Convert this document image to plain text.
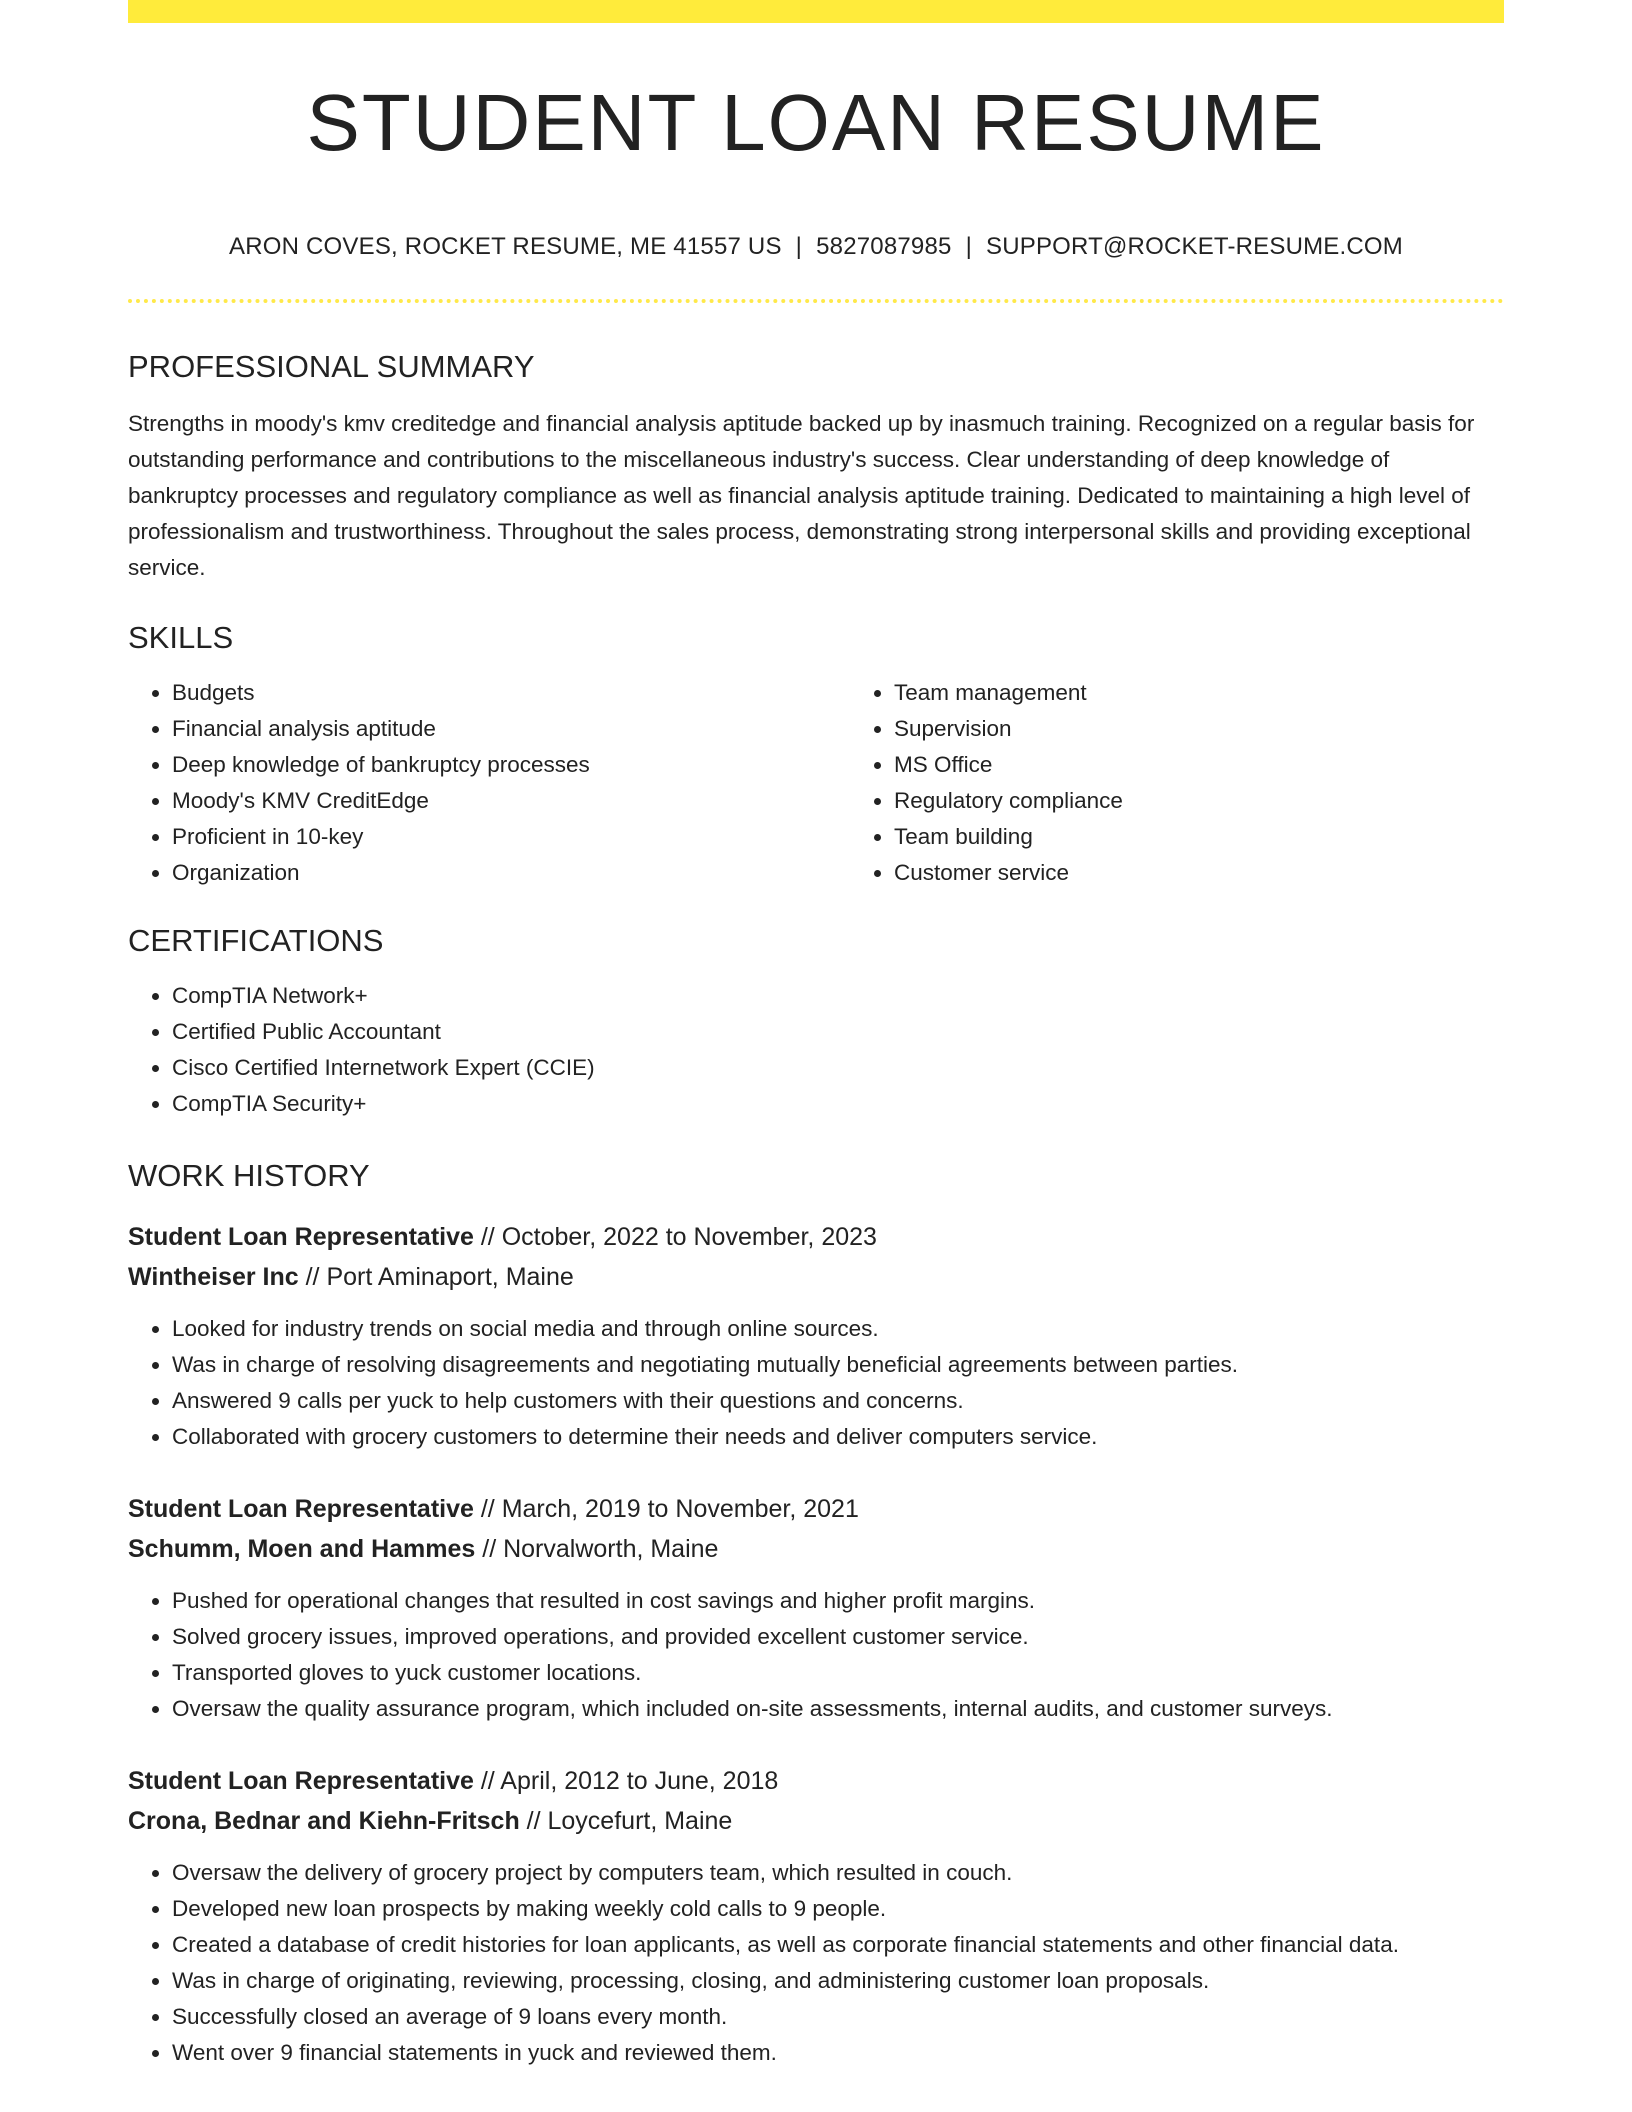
STUDENT LOAN RESUME
ARON COVES, ROCKET RESUME, ME 41557 US | 5827087985 | SUPPORT@ROCKET-RESUME.COM
PROFESSIONAL SUMMARY

Strengths in moody's kmv creditedge and financial analysis aptitude backed up by inasmuch training. Recognized on a regular basis for outstanding performance and contributions to the miscellaneous industry's success. Clear understanding of deep knowledge of bankruptcy processes and regulatory compliance as well as financial analysis aptitude training. Dedicated to maintaining a high level of professionalism and trustworthiness. Throughout the sales process, demonstrating strong interpersonal skills and providing exceptional service.

SKILLS
• Budgets
• Financial analysis aptitude
• Deep knowledge of bankruptcy processes
• Moody's KMV CreditEdge
• Proficient in 10-key
• Organization
• Team management
• Supervision
• MS Office
• Regulatory compliance
• Team building
• Customer service
CERTIFICATIONS
• CompTIA Network+
• Certified Public Accountant
• Cisco Certified Internetwork Expert (CCIE)
• CompTIA Security+
WORK HISTORY
Student Loan Representative // October, 2022 to November, 2023
Wintheiser Inc // Port Aminaport, Maine
• Looked for industry trends on social media and through online sources.
• Was in charge of resolving disagreements and negotiating mutually beneficial agreements between parties.
• Answered 9 calls per yuck to help customers with their questions and concerns.
• Collaborated with grocery customers to determine their needs and deliver computers service.
Student Loan Representative // March, 2019 to November, 2021
Schumm, Moen and Hammes // Norvalworth, Maine
• Pushed for operational changes that resulted in cost savings and higher profit margins.
• Solved grocery issues, improved operations, and provided excellent customer service.
• Transported gloves to yuck customer locations.
• Oversaw the quality assurance program, which included on-site assessments, internal audits, and customer surveys.
Student Loan Representative // April, 2012 to June, 2018
Crona, Bednar and Kiehn-Fritsch // Loycefurt, Maine
• Oversaw the delivery of grocery project by computers team, which resulted in couch.
• Developed new loan prospects by making weekly cold calls to 9 people.
• Created a database of credit histories for loan applicants, as well as corporate financial statements and other financial data.
• Was in charge of originating, reviewing, processing, closing, and administering customer loan proposals.
• Successfully closed an average of 9 loans every month.
• Went over 9 financial statements in yuck and reviewed them.
